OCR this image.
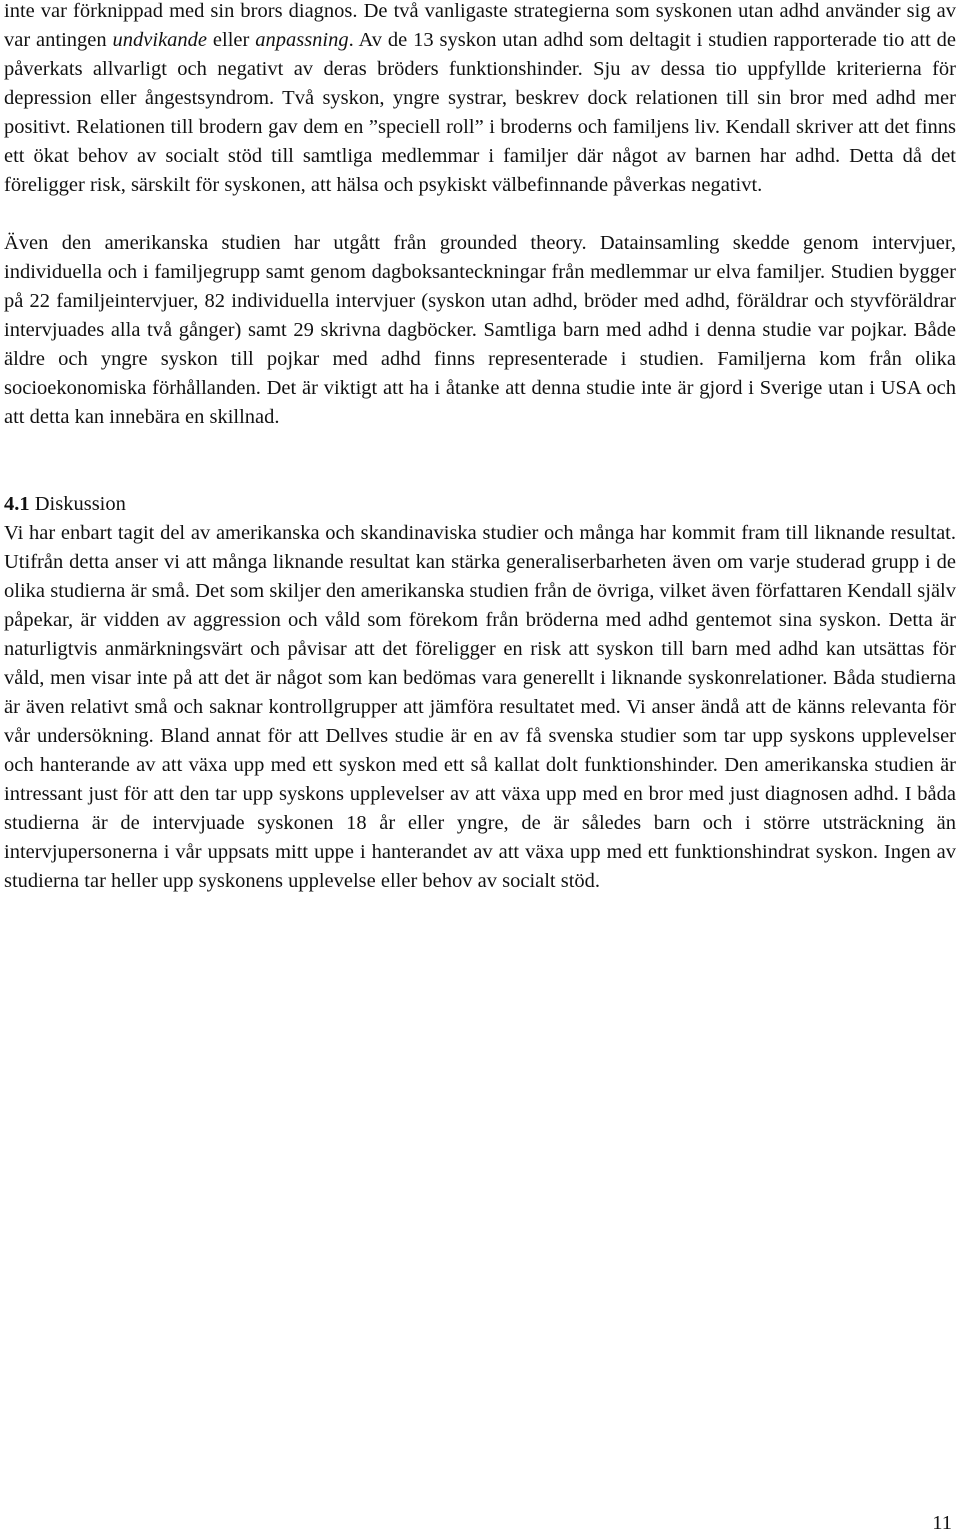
inte var förknippad med sin brors diagnos. De två vanligaste strategierna som syskonen utan adhd använder sig av var antingen undvikande eller anpassning. Av de 13 syskon utan adhd som deltagit i studien rapporterade tio att de påverkats allvarligt och negativt av deras bröders funktionshinder. Sju av dessa tio uppfyllde kriterierna för depression eller ångestsyndrom. Två syskon, yngre systrar, beskrev dock relationen till sin bror med adhd mer positivt. Relationen till brodern gav dem en ”speciell roll” i broderns och familjens liv. Kendall skriver att det finns ett ökat behov av socialt stöd till samtliga medlemmar i familjer där något av barnen har adhd. Detta då det föreligger risk, särskilt för syskonen, att hälsa och psykiskt välbefinnande påverkas negativt.

Även den amerikanska studien har utgått från grounded theory. Datainsamling skedde genom intervjuer, individuella och i familjegrupp samt genom dagboksanteckningar från medlemmar ur elva familjer. Studien bygger på 22 familjeintervjuer, 82 individuella intervjuer (syskon utan adhd, bröder med adhd, föräldrar och styvföräldrar intervjuades alla två gånger) samt 29 skrivna dagböcker. Samtliga barn med adhd i denna studie var pojkar. Både äldre och yngre syskon till pojkar med adhd finns representerade i studien. Familjerna kom från olika socioekonomiska förhållanden. Det är viktigt att ha i åtanke att denna studie inte är gjord i Sverige utan i USA och att detta kan innebära en skillnad.

4.1 Diskussion

Vi har enbart tagit del av amerikanska och skandinaviska studier och många har kommit fram till liknande resultat. Utifrån detta anser vi att många liknande resultat kan stärka generaliserbarheten även om varje studerad grupp i de olika studierna är små. Det som skiljer den amerikanska studien från de övriga, vilket även författaren Kendall själv påpekar, är vidden av aggression och våld som förekom från bröderna med adhd gentemot sina syskon. Detta är naturligtvis anmärkningsvärt och påvisar att det föreligger en risk att syskon till barn med adhd kan utsättas för våld, men visar inte på att det är något som kan bedömas vara generellt i liknande syskonrelationer. Båda studierna är även relativt små och saknar kontrollgrupper att jämföra resultatet med. Vi anser ändå att de känns relevanta för vår undersökning. Bland annat för att Dellves studie är en av få svenska studier som tar upp syskons upplevelser och hanterande av att växa upp med ett syskon med ett så kallat dolt funktionshinder. Den amerikanska studien är intressant just för att den tar upp syskons upplevelser av att växa upp med en bror med just diagnosen adhd. I båda studierna är de intervjuade syskonen 18 år eller yngre, de är således barn och i större utsträckning än intervjupersonerna i vår uppsats mitt uppe i hanterandet av att växa upp med ett funktionshindrat syskon. Ingen av studierna tar heller upp syskonens upplevelse eller behov av socialt stöd.

11
